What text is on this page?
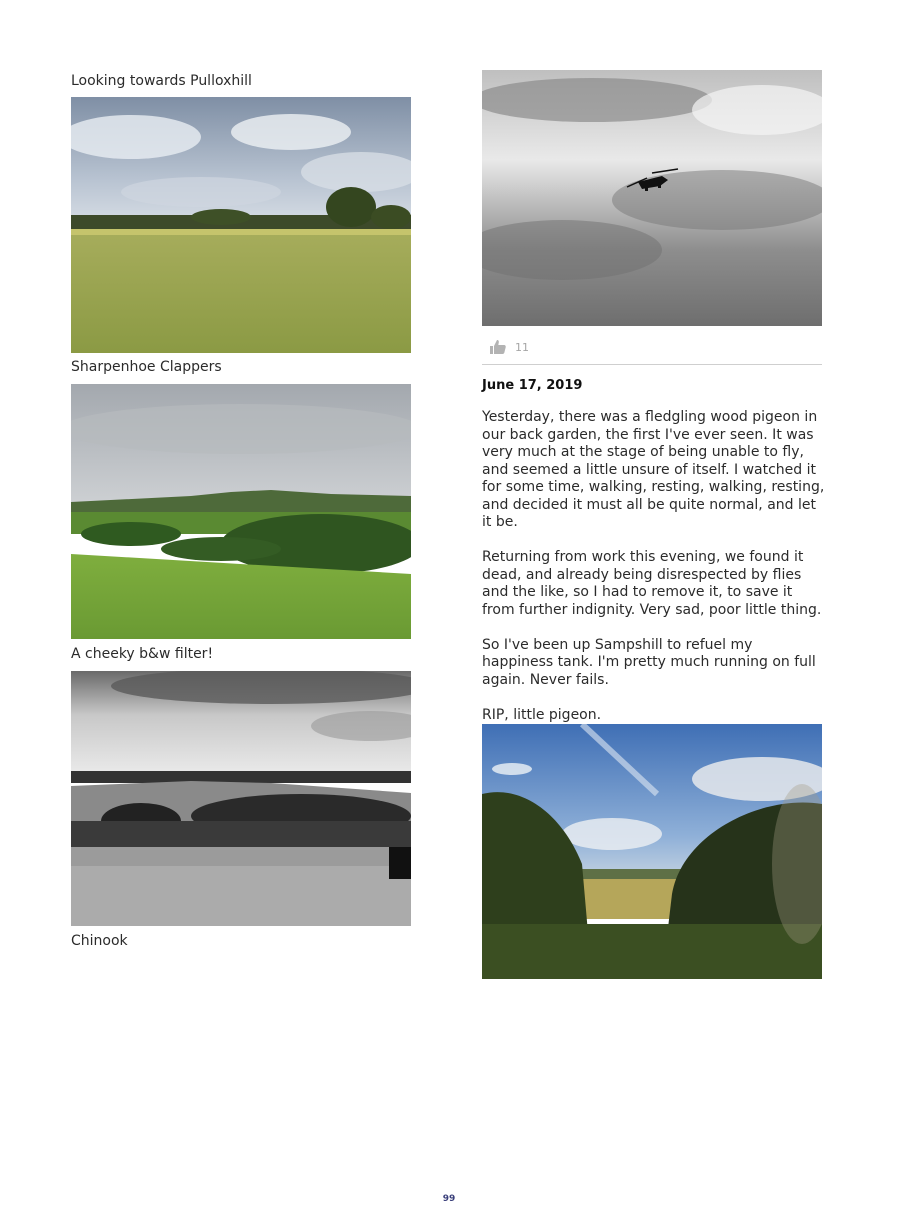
Looking towards Pulloxhill
Sharpenhoe Clappers
A cheeky b&w filter!
Chinook
11
June 17, 2019

Yesterday, there was a fledgling wood pigeon in our back garden, the first I've ever seen. It was very much at the stage of being unable to fly, and seemed a little unsure of itself. I watched it for some time, walking, resting, walking, resting, and decided it must all be quite normal, and let it be.

Returning from work this evening, we found it dead, and already being disrespected by flies and the like, so I had to remove it, to save it from further indignity. Very sad, poor little thing.

So I've been up Sampshill to refuel my happiness tank. I'm pretty much running on full again. Never fails.

RIP, little pigeon.

99
